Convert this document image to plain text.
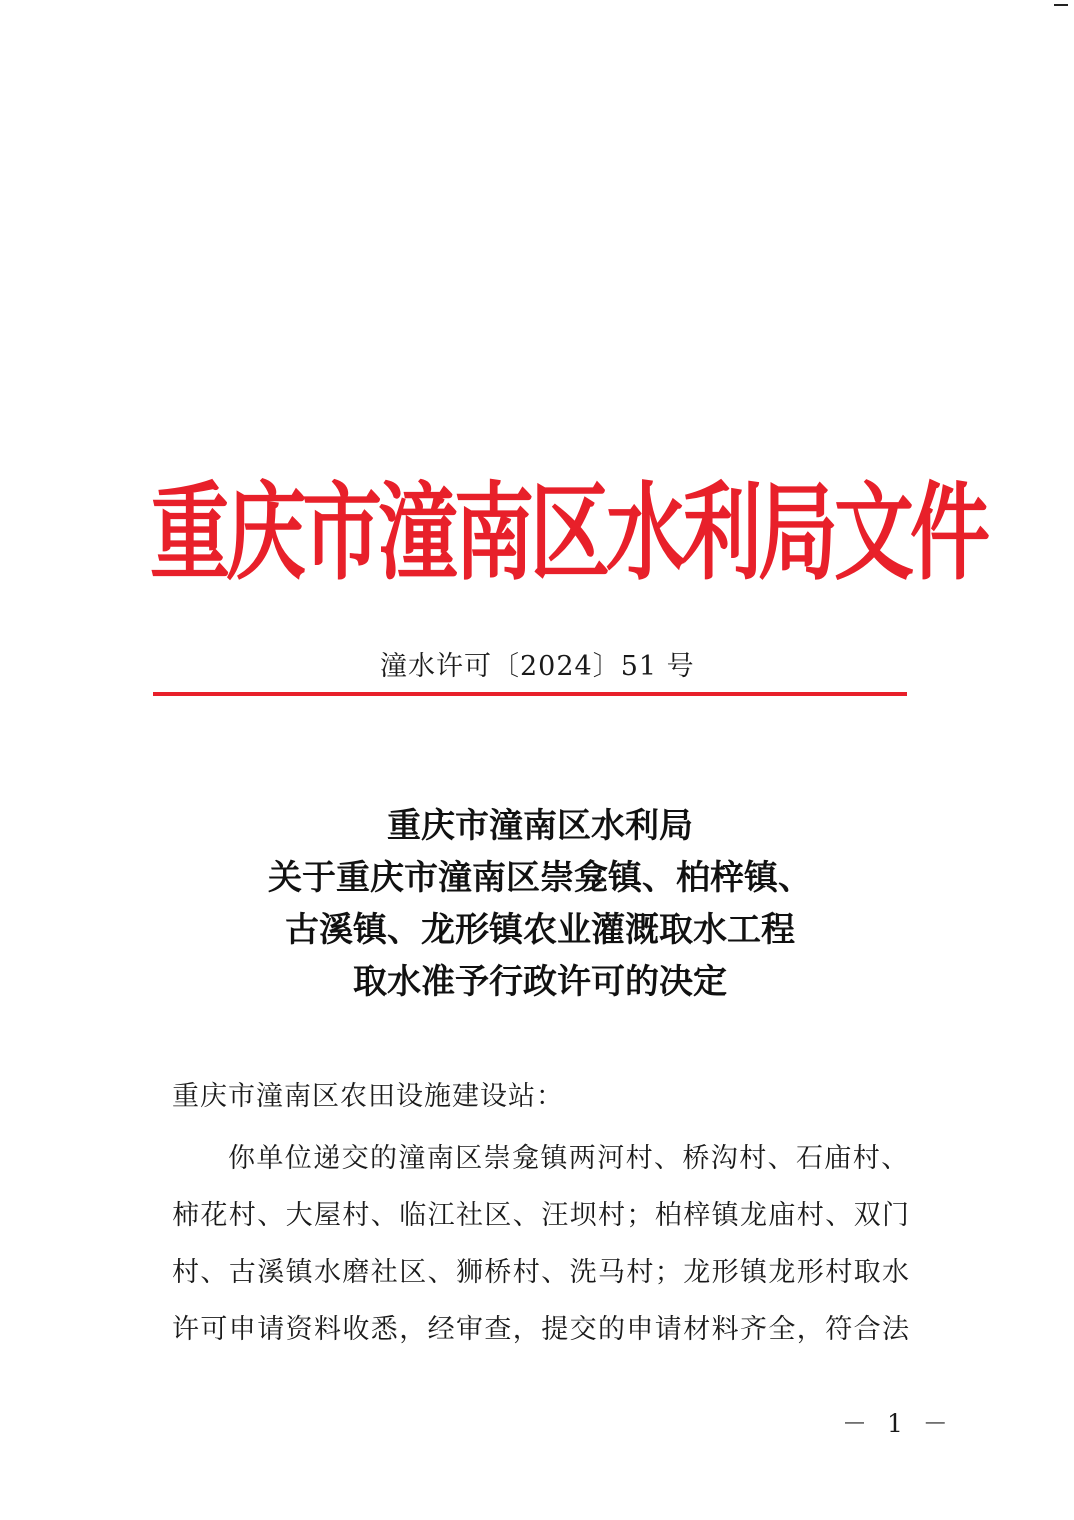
重庆市潼南区水利局文件
潼水许可〔2024〕51 号
重庆市潼南区水利局
关于重庆市潼南区崇龛镇、柏梓镇、
古溪镇、龙形镇农业灌溉取水工程
取水准予行政许可的决定
重庆市潼南区农田设施建设站：
你单位递交的潼南区崇龛镇两河村、桥沟村、石庙村、
柿花村、大屋村、临江社区、汪坝村；柏梓镇龙庙村、双门
村、古溪镇水磨社区、狮桥村、洗马村；龙形镇龙形村取水
许可申请资料收悉，经审查，提交的申请材料齐全，符合法
－ 1 －
